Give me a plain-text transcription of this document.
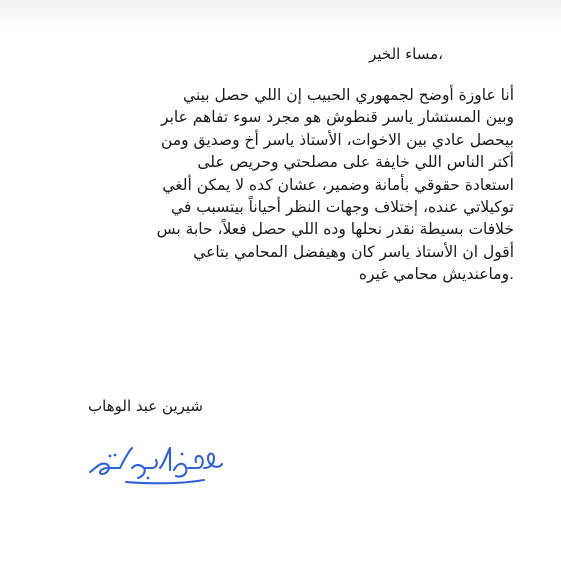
،مساء الخير

أنا عاوزة أوضح لجمهوري الحبيب إن اللي حصل بيني
وبين المستشار ياسر قنطوش هو مجرد سوء تفاهم عابر
بيحصل عادي بين الاخوات، الأستاذ ياسر أخ وصديق ومن
أكتر الناس اللي خايفة على مصلحتي وحريص على
استعادة حقوقي بأمانة وضمير، عشان كده لا يمكن ألغي
توكيلاتي عنده، إختلاف وجهات النظر أحياناً بيتسبب في
خلافات بسيطة نقدر نحلها وده اللي حصل فعلاً، حابة بس
أقول ان الأستاذ ياسر كان وهيفضل المحامي بتاعي
.وماعنديش محامي غيره

شيرين عبد الوهاب
